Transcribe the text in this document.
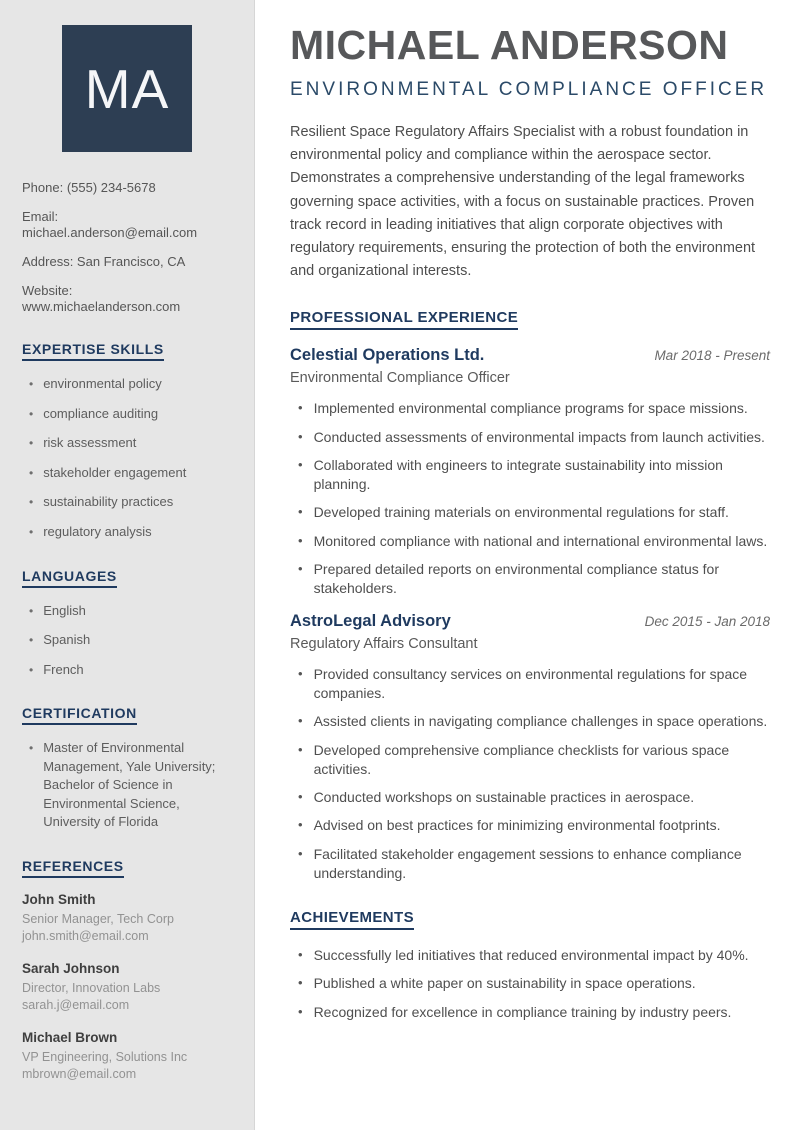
MA
Phone: (555) 234-5678
Email: michael.anderson@email.com
Address: San Francisco, CA
Website: www.michaelanderson.com
EXPERTISE SKILLS
• environmental policy
• compliance auditing
• risk assessment
• stakeholder engagement
• sustainability practices
• regulatory analysis
LANGUAGES
• English
• Spanish
• French
CERTIFICATION
• Master of Environmental Management, Yale University; Bachelor of Science in Environmental Science, University of Florida
REFERENCES
John Smith
Senior Manager, Tech Corp
john.smith@email.com
Sarah Johnson
Director, Innovation Labs
sarah.j@email.com
Michael Brown
VP Engineering, Solutions Inc
mbrown@email.com
MICHAEL ANDERSON
ENVIRONMENTAL COMPLIANCE OFFICER

Resilient Space Regulatory Affairs Specialist with a robust foundation in environmental policy and compliance within the aerospace sector. Demonstrates a comprehensive understanding of the legal frameworks governing space activities, with a focus on sustainable practices. Proven track record in leading initiatives that align corporate objectives with regulatory requirements, ensuring the protection of both the environment and organizational interests.

PROFESSIONAL EXPERIENCE
Celestial Operations Ltd.	Mar 2018 - Present
Environmental Compliance Officer
• Implemented environmental compliance programs for space missions.
• Conducted assessments of environmental impacts from launch activities.
• Collaborated with engineers to integrate sustainability into mission planning.
• Developed training materials on environmental regulations for staff.
• Monitored compliance with national and international environmental laws.
• Prepared detailed reports on environmental compliance status for stakeholders.
AstroLegal Advisory	Dec 2015 - Jan 2018
Regulatory Affairs Consultant
• Provided consultancy services on environmental regulations for space companies.
• Assisted clients in navigating compliance challenges in space operations.
• Developed comprehensive compliance checklists for various space activities.
• Conducted workshops on sustainable practices in aerospace.
• Advised on best practices for minimizing environmental footprints.
• Facilitated stakeholder engagement sessions to enhance compliance understanding.
ACHIEVEMENTS
• Successfully led initiatives that reduced environmental impact by 40%.
• Published a white paper on sustainability in space operations.
• Recognized for excellence in compliance training by industry peers.
